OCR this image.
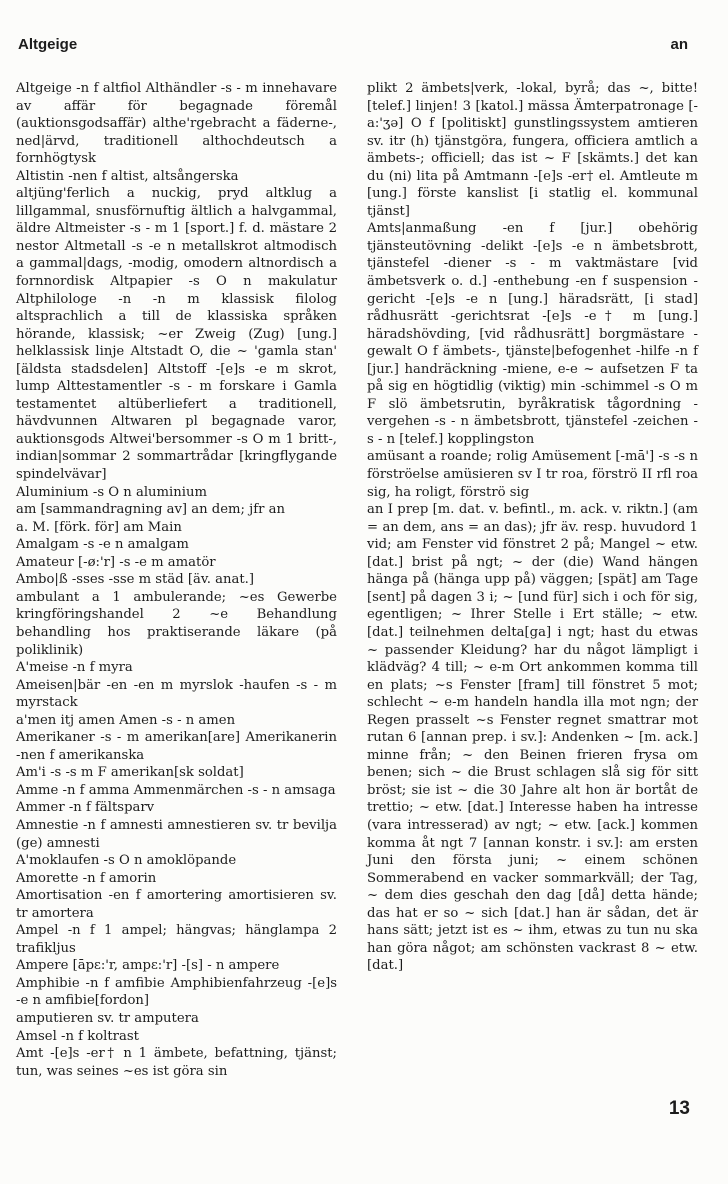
Altgeige	an

Altgeige -n f altfiol Althändler -s - m innehavare av affär för begagnade föremål (auktionsgodsaffär) althe'rgebracht a fäderne-, ned|ärvd, traditionell althochdeutsch a fornhögtysk

Altistin -nen f altist, altsångerska

altjüng'ferlich a nuckig, pryd altklug a lillgammal, snusförnuftig ältlich a halvgammal, äldre Altmeister -s - m 1 [sport.] f. d. mästare 2 nestor Altmetall -s -e n metallskrot altmodisch a gammal|dags, -modig, omodern altnordisch a fornnordisk Altpapier -s O n makulatur Altphilologe -n -n m klassisk filolog altsprachlich a till de klassiska språken hörande, klassisk; ~er Zweig (Zug) [ung.] helklassisk linje Altstadt O, die ~ 'gamla stan' [äldsta stadsdelen] Altstoff -[e]s -e m skrot, lump Alttestamentler -s - m forskare i Gamla testamentet altüberliefert a traditionell, hävdvunnen Altwaren pl begagnade varor, auktionsgods Altwei'bersommer -s O m 1 britt-, indian|sommar 2 sommartrådar [kringflygande spindelvävar]

Aluminium -s O n aluminium

am [sammandragning av] an dem; jfr an

a. M. [förk. för] am Main

Amalgam -s -e n amalgam

Amateur [-ø:'r] -s -e m amatör

Ambo|ß -sses -sse m städ [äv. anat.]

ambulant a 1 ambulerande; ~es Gewerbe kringföringshandel 2 ~e Behandlung behandling hos praktiserande läkare (på poliklinik)

A'meise -n f myra

Ameisen|bär -en -en m myrslok -haufen -s - m myrstack

a'men itj amen Amen -s - n amen

Amerikaner -s - m amerikan[are] Amerikanerin -nen f amerikanska

Am'i -s -s m F amerikan[sk soldat]

Amme -n f amma Ammenmärchen -s - n amsaga

Ammer -n f fältsparv

Amnestie -n f amnesti amnestieren sv. tr bevilja (ge) amnesti

A'moklaufen -s O n amoklöpande

Amorette -n f amorin

Amortisation -en f amortering amortisieren sv. tr amortera

Ampel -n f 1 ampel; hängvas; hänglampa 2 trafikljus

Ampere [āpɛ:'r, ampɛ:'r] -[s] - n ampere

Amphibie -n f amfibie Amphibienfahrzeug -[e]s -e n amfibie[fordon]

amputieren sv. tr amputera

Amsel -n f koltrast

Amt -[e]s -er† n 1 ämbete, befattning, tjänst; tun, was seines ~es ist göra sin

plikt 2 ämbets|verk, -lokal, byrå; das ~, bitte! [telef.] linjen! 3 [katol.] mässa Ämterpatronage [-a:'ʒə] O f [politiskt] gunstlingssystem amtieren sv. itr (h) tjänstgöra, fungera, officiera amtlich a ämbets-; officiell; das ist ~ F [skämts.] det kan du (ni) lita på Amtmann -[e]s -er† el. Amtleute m [ung.] förste kanslist [i statlig el. kommunal tjänst]

Amts|anmaßung -en f [jur.] obehörig tjänsteutövning -delikt -[e]s -e n ämbetsbrott, tjänstefel -diener -s - m vaktmästare [vid ämbetsverk o. d.] -enthebung -en f suspension -gericht -[e]s -e n [ung.] häradsrätt, [i stad] rådhusrätt -gerichtsrat -[e]s -e† m [ung.] häradshövding, [vid rådhusrätt] borgmästare -gewalt O f ämbets-, tjänste|befogenhet -hilfe -n f [jur.] handräckning -miene, e-e ~ aufsetzen F ta på sig en högtidlig (viktig) min -schimmel -s O m F slö ämbetsrutin, byråkratisk tågordning -vergehen -s - n ämbetsbrott, tjänstefel -zeichen -s - n [telef.] kopplingston

amüsant a roande; rolig Amüsement [-mā'] -s -s n förströelse amüsieren sv I tr roa, förströ II rfl roa sig, ha roligt, förströ sig

an I prep [m. dat. v. befintl., m. ack. v. riktn.] (am = an dem, ans = an das); jfr äv. resp. huvudord 1 vid; am Fenster vid fönstret 2 på; Mangel ~ etw. [dat.] brist på ngt; ~ der (die) Wand hängen hänga på (hänga upp på) väggen; [spät] am Tage [sent] på dagen 3 i; ~ [und für] sich i och för sig, egentligen; ~ Ihrer Stelle i Ert ställe; ~ etw. [dat.] teilnehmen delta[ga] i ngt; hast du etwas ~ passender Kleidung? har du något lämpligt i klädväg? 4 till; ~ e-m Ort ankommen komma till en plats; ~s Fenster [fram] till fönstret 5 mot; schlecht ~ e-m handeln handla illa mot ngn; der Regen prasselt ~s Fenster regnet smattrar mot rutan 6 [annan prep. i sv.]: Andenken ~ [m. ack.] minne från; ~ den Beinen frieren frysa om benen; sich ~ die Brust schlagen slå sig för sitt bröst; sie ist ~ die 30 Jahre alt hon är bortåt de trettio; ~ etw. [dat.] Interesse haben ha intresse (vara intresserad) av ngt; ~ etw. [ack.] kommen komma åt ngt 7 [annan konstr. i sv.]: am ersten Juni den första juni; ~ einem schönen Sommerabend en vacker sommarkväll; der Tag, ~ dem dies geschah den dag [då] detta hände; das hat er so ~ sich [dat.] han är sådan, det är hans sätt; jetzt ist es ~ ihm, etwas zu tun nu ska han göra något; am schönsten vackrast 8 ~ etw. [dat.]

13
